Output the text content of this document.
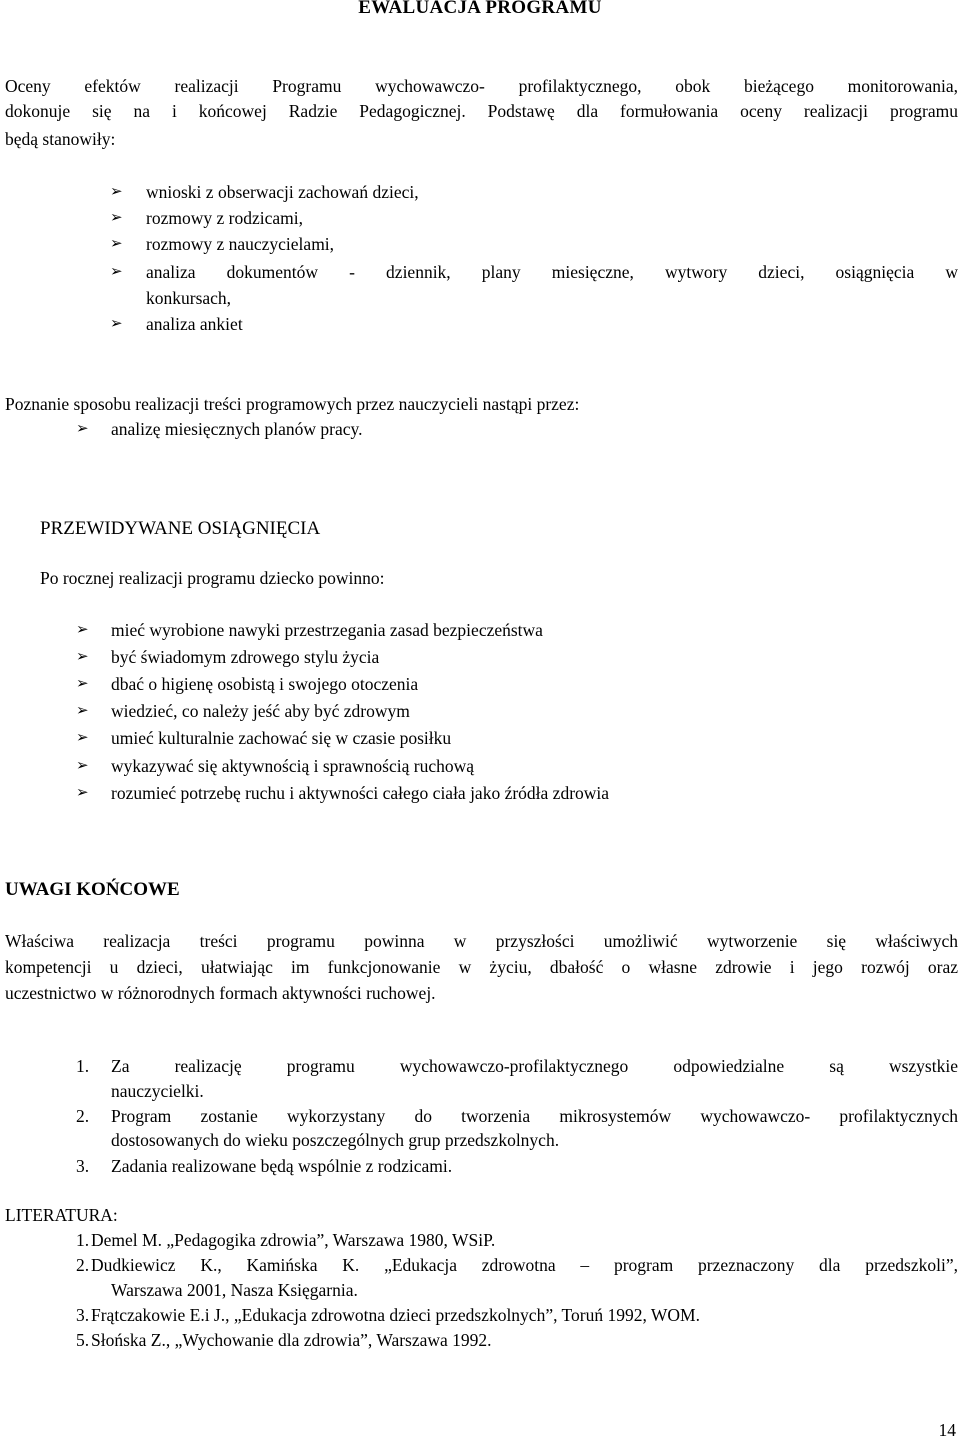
EWALUACJA PROGRAMU
Oceny efektów realizacji Programu wychowawczo- profilaktycznego, obok bieżącego monitorowania,
dokonuje się na i końcowej Radzie Pedagogicznej. Podstawę dla formułowania oceny realizacji programu
będą stanowiły:
➢ wnioski z obserwacji zachowań dzieci,
➢ rozmowy z rodzicami,
➢ rozmowy z nauczycielami,
➢ analiza dokumentów - dziennik, plany miesięczne, wytwory dzieci, osiągnięcia w
konkursach,
➢ analiza ankiet
Poznanie sposobu realizacji treści programowych przez nauczycieli nastąpi przez:
➢ analizę miesięcznych planów pracy.
PRZEWIDYWANE OSIĄGNIĘCIA
Po rocznej realizacji programu dziecko powinno:
➢ mieć wyrobione nawyki przestrzegania zasad bezpieczeństwa
➢ być świadomym zdrowego stylu życia
➢ dbać o higienę osobistą i swojego otoczenia
➢ wiedzieć, co należy jeść aby być zdrowym
➢ umieć kulturalnie zachować się w czasie posiłku
➢ wykazywać się aktywnością i sprawnością ruchową
➢ rozumieć potrzebę ruchu i aktywności całego ciała jako źródła zdrowia
UWAGI KOŃCOWE
Właściwa realizacja treści programu powinna w przyszłości umożliwić wytworzenie się właściwych
kompetencji u dzieci, ułatwiając im funkcjonowanie w życiu, dbałość o własne zdrowie i jego rozwój oraz
uczestnictwo w różnorodnych formach aktywności ruchowej.
1. Za realizację programu wychowawczo-profilaktycznego odpowiedzialne są wszystkie
nauczycielki.
2. Program zostanie wykorzystany do tworzenia mikrosystemów wychowawczo- profilaktycznych
dostosowanych do wieku poszczególnych grup przedszkolnych.
3. Zadania realizowane będą wspólnie z rodzicami.
LITERATURA:
1. Demel M. „Pedagogika zdrowia”, Warszawa 1980, WSiP.
2. Dudkiewicz K., Kamińska K. „Edukacja zdrowotna – program przeznaczony dla przedszkoli”,
Warszawa 2001, Nasza Księgarnia.
3. Frątczakowie E.i J., „Edukacja zdrowotna dzieci przedszkolnych”, Toruń 1992, WOM.
5. Słońska Z., „Wychowanie dla zdrowia”, Warszawa 1992.
14
